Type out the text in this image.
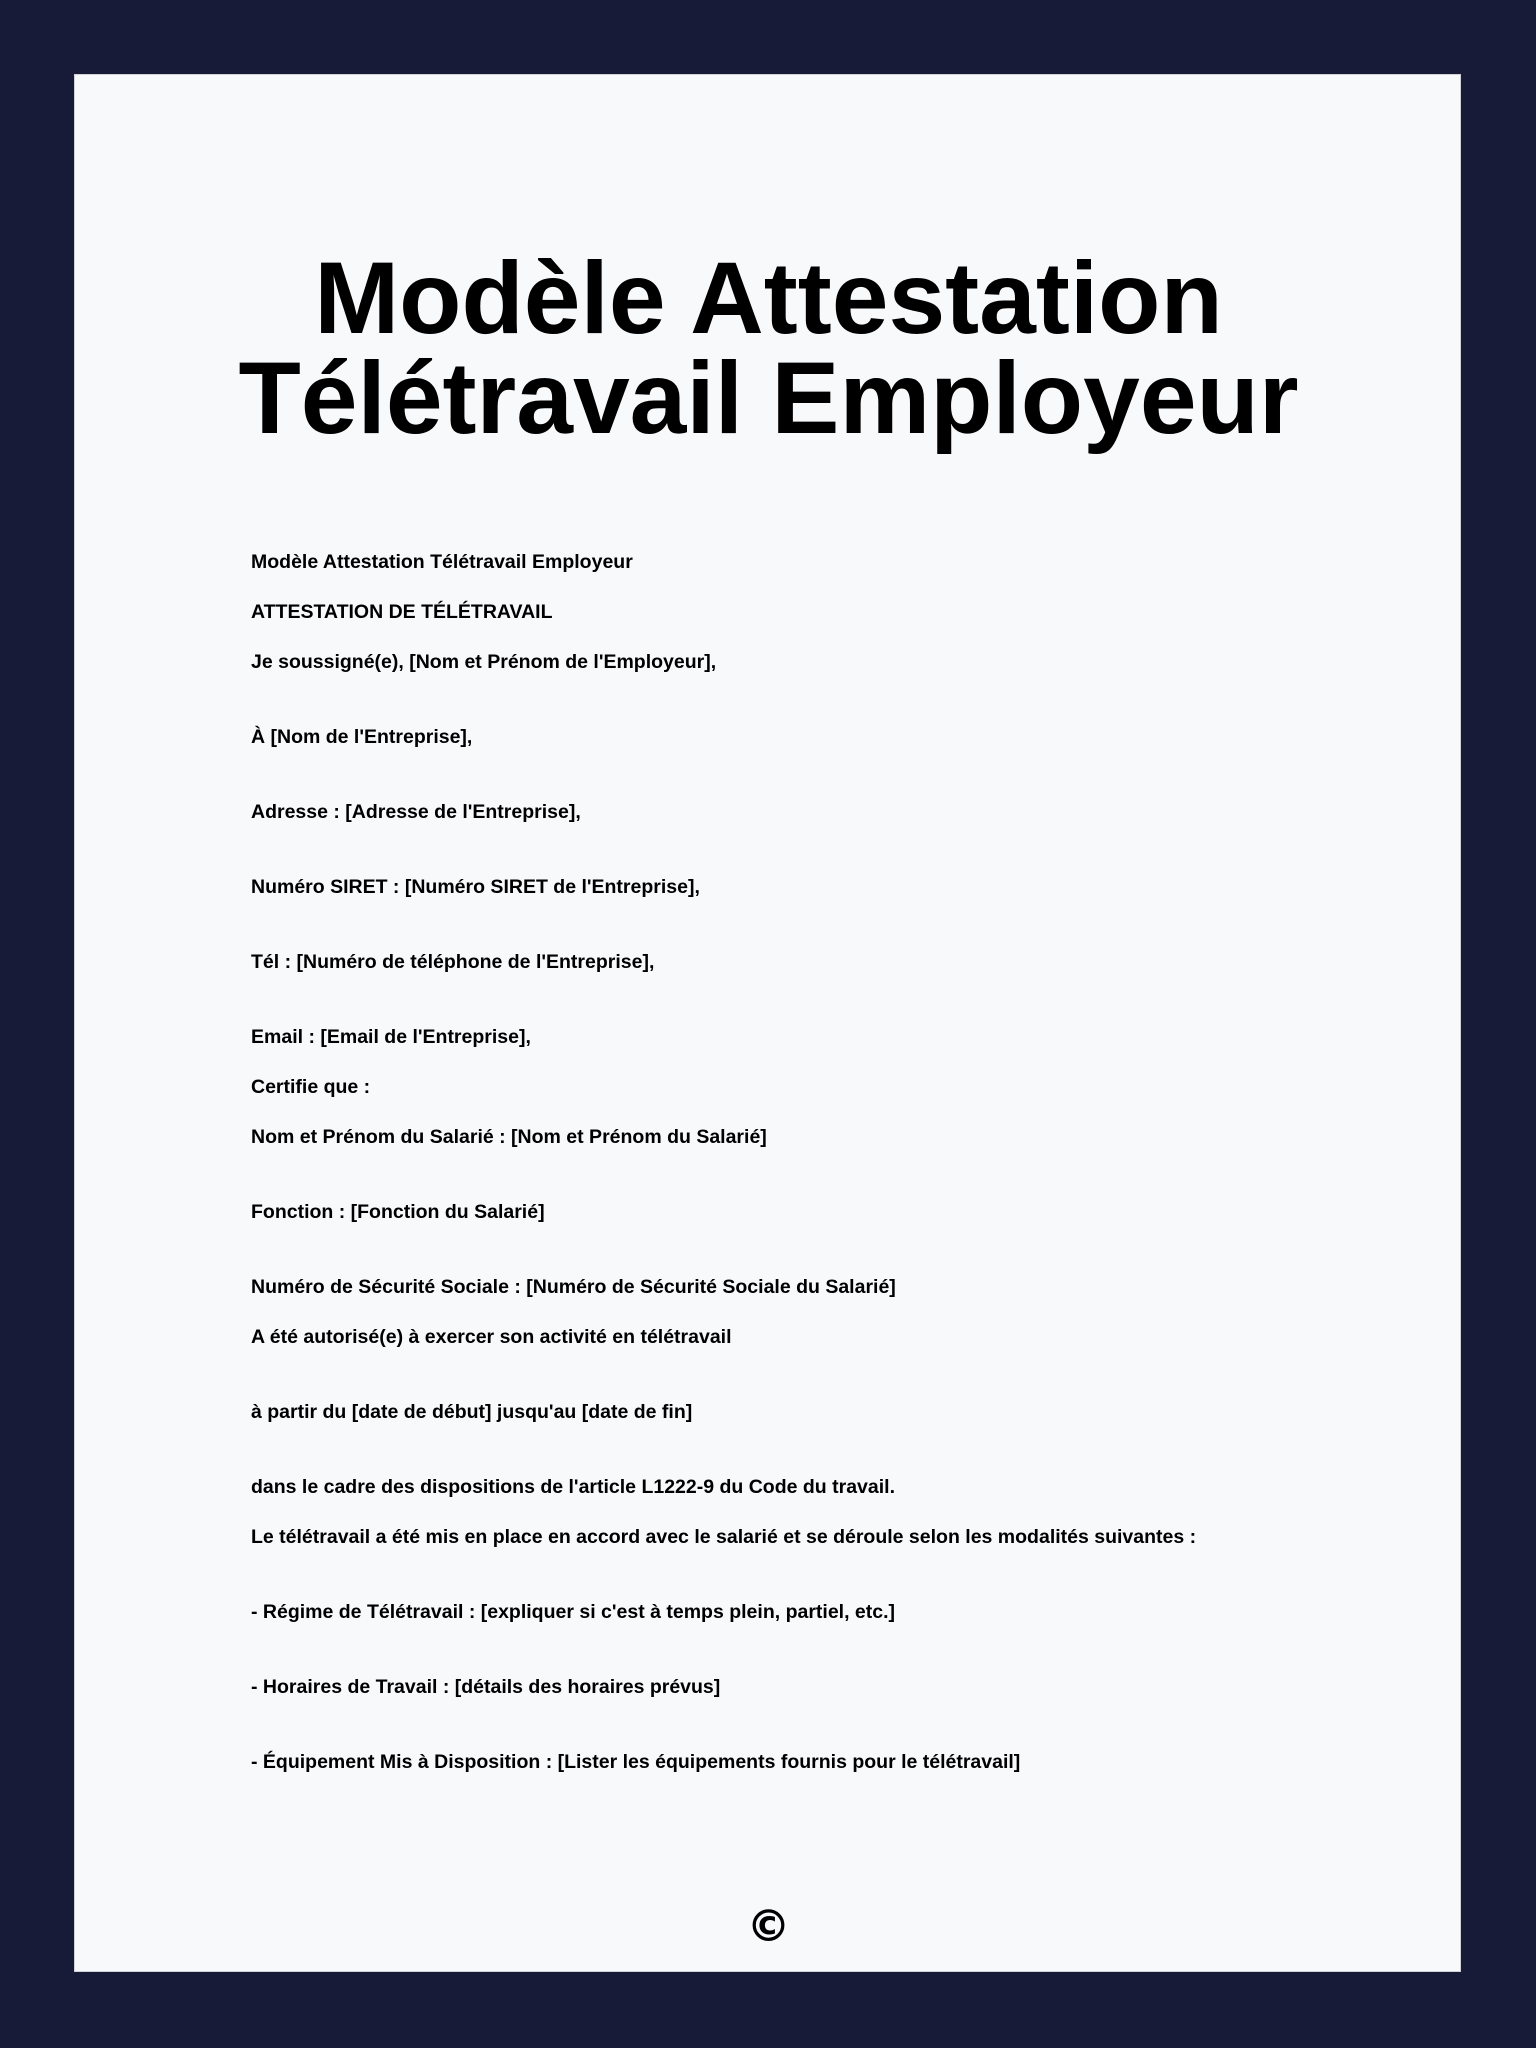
Modèle Attestation
Télétravail Employeur

Modèle Attestation Télétravail Employeur

ATTESTATION DE TÉLÉTRAVAIL

Je soussigné(e), [Nom et Prénom de l'Employeur],

À [Nom de l'Entreprise],

Adresse : [Adresse de l'Entreprise],

Numéro SIRET : [Numéro SIRET de l'Entreprise],

Tél : [Numéro de téléphone de l'Entreprise],

Email : [Email de l'Entreprise],

Certifie que :

Nom et Prénom du Salarié : [Nom et Prénom du Salarié]

Fonction : [Fonction du Salarié]

Numéro de Sécurité Sociale : [Numéro de Sécurité Sociale du Salarié]

A été autorisé(e) à exercer son activité en télétravail

à partir du [date de début] jusqu'au [date de fin]

dans le cadre des dispositions de l'article L1222-9 du Code du travail.

Le télétravail a été mis en place en accord avec le salarié et se déroule selon les modalités suivantes :

- Régime de Télétravail : [expliquer si c'est à temps plein, partiel, etc.]

- Horaires de Travail : [détails des horaires prévus]

- Équipement Mis à Disposition : [Lister les équipements fournis pour le télétravail]

©
